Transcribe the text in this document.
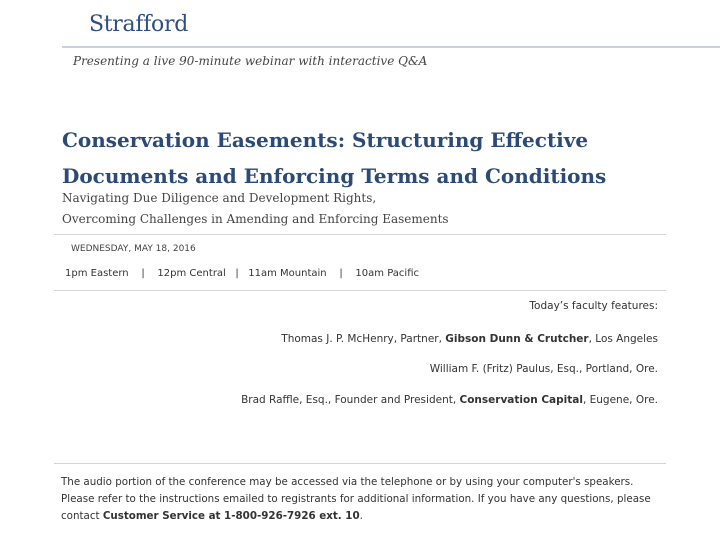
Strafford
Presenting a live 90-minute webinar with interactive Q&A
Conservation Easements: Structuring Effective
Documents and Enforcing Terms and Conditions
Navigating Due Diligence and Development Rights,
Overcoming Challenges in Amending and Enforcing Easements
WEDNESDAY, MAY 18, 2016
1pm Eastern    |    12pm Central   |   11am Mountain    |    10am Pacific
Today’s faculty features:
Thomas J. P. McHenry, Partner, Gibson Dunn & Crutcher, Los Angeles
William F. (Fritz) Paulus, Esq., Portland, Ore.
Brad Raffle, Esq., Founder and President, Conservation Capital, Eugene, Ore.
The audio portion of the conference may be accessed via the telephone or by using your computer's speakers. Please refer to the instructions emailed to registrants for additional information. If you have any questions, please contact Customer Service at 1-800-926-7926 ext. 10.
